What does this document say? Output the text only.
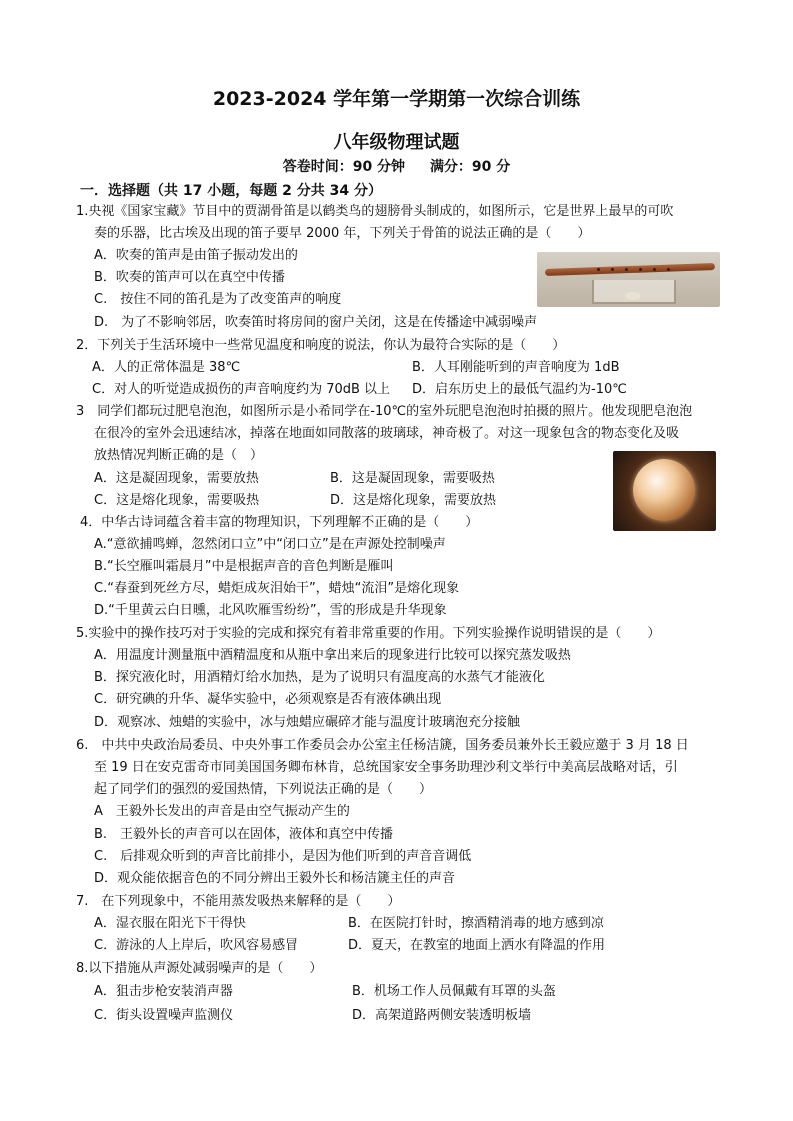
2023-2024 学年第一学期第一次综合训练
八年级物理试题
答卷时间：90 分钟 满分：90 分
一．选择题（共 17 小题，每题 2 分共 34 分）
1.央视《国家宝藏》节目中的贾湖骨笛是以鹤类鸟的翅膀骨头制成的，如图所示，它是世界上最早的可吹
奏的乐器，比古埃及出现的笛子要早 2000 年，下列关于骨笛的说法正确的是（　　）
A．吹奏的笛声是由笛子振动发出的
B．吹奏的笛声可以在真空中传播
C.　按住不同的笛孔是为了改变笛声的响度
D.　为了不影响邻居，吹奏笛时将房间的窗户关闭，这是在传播途中减弱噪声
2．下列关于生活环境中一些常见温度和响度的说法，你认为最符合实际的是（　　）
A．人的正常体温是 38℃	B．人耳刚能听到的声音响度为 1dB
C．对人的听觉造成损伤的声音响度约为 70dB 以上 D．启东历史上的最低气温约为-10℃
3　同学们都玩过肥皂泡泡，如图所示是小希同学在-10℃的室外玩肥皂泡泡时拍摄的照片。他发现肥皂泡泡
在很冷的室外会迅速结冰，掉落在地面如同散落的玻璃球，神奇极了。对这一现象包含的物态变化及吸
放热情况判断正确的是（　）
A．这是凝固现象，需要放热	B．这是凝固现象，需要吸热
C．这是熔化现象，需要吸热	D．这是熔化现象，需要放热
4．中华古诗词蕴含着丰富的物理知识，下列理解不正确的是（　　）
A.“意欲捕鸣蝉，忽然闭口立”中“闭口立”是在声源处控制噪声
B.“长空雁叫霜晨月”中是根据声音的音色判断是雁叫
C.“春蚕到死丝方尽，蜡炬成灰泪始干”，蜡烛“流泪”是熔化现象
D.“千里黄云白日曛，北风吹雁雪纷纷”，雪的形成是升华现象
5.实验中的操作技巧对于实验的完成和探究有着非常重要的作用。下列实验操作说明错误的是（　　）
A．用温度计测量瓶中酒精温度和从瓶中拿出来后的现象进行比较可以探究蒸发吸热
B．探究液化时，用酒精灯给水加热，是为了说明只有温度高的水蒸气才能液化
C．研究碘的升华、凝华实验中，必须观察是否有液体碘出现
D．观察冰、烛蜡的实验中，冰与烛蜡应碾碎才能与温度计玻璃泡充分接触
6.　中共中央政治局委员、中央外事工作委员会办公室主任杨洁篪，国务委员兼外长王毅应邀于 3 月 18 日
至 19 日在安克雷奇市同美国国务卿布林肯，总统国家安全事务助理沙利文举行中美高层战略对话，引
起了同学们的强烈的爱国热情，下列说法正确的是（　　）
A　王毅外长发出的声音是由空气振动产生的
B.　王毅外长的声音可以在固体，液体和真空中传播
C.　后排观众听到的声音比前排小，是因为他们听到的声音音调低
D．观众能依据音色的不同分辨出王毅外长和杨洁篪主任的声音
7.　在下列现象中，不能用蒸发吸热来解释的是（　　）
A．湿衣服在阳光下干得快	B．在医院打针时，擦酒精消毒的地方感到凉
C．游泳的人上岸后，吹风容易感冒	D．夏天，在教室的地面上洒水有降温的作用
8.以下措施从声源处减弱噪声的是（　　）
A．狙击步枪安装消声器	B．机场工作人员佩戴有耳罩的头盔
C．街头设置噪声监测仪	D．高架道路两侧安装透明板墙
